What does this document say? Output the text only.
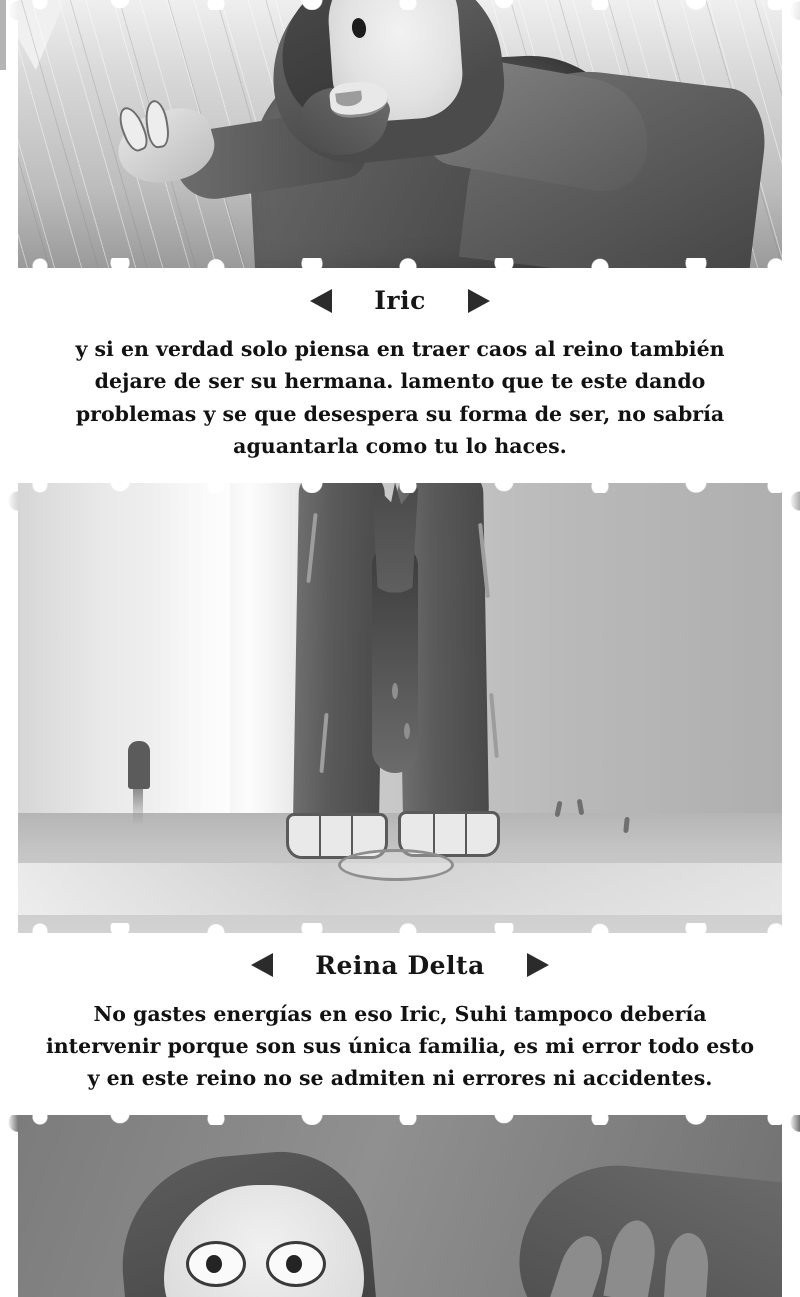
Iric
y si en verdad solo piensa en traer caos al reino también dejare de ser su hermana. lamento que te este dando problemas y se que desespera su forma de ser, no sabría aguantarla como tu lo haces.
Reina Delta
No gastes energías en eso Iric, Suhi tampoco debería intervenir porque son sus única familia, es mi error todo esto y en este reino no se admiten ni errores ni accidentes.
